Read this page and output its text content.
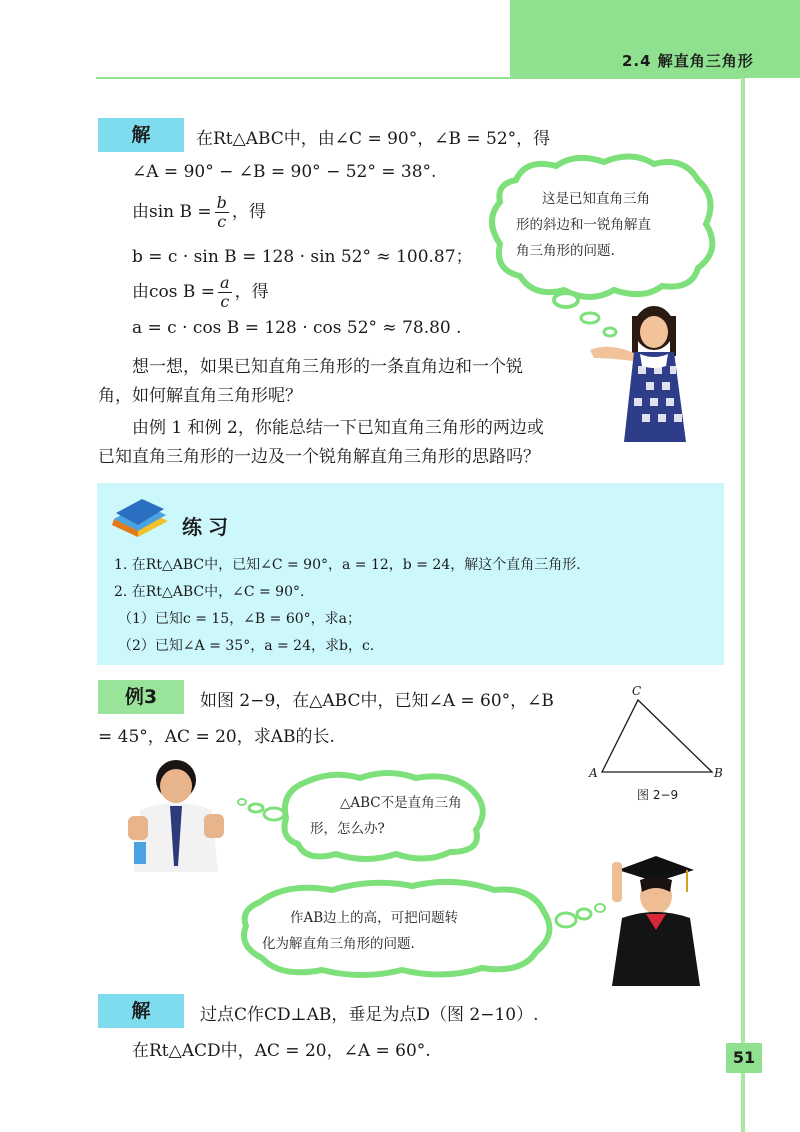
2.4 解直角三角形
解	在Rt△ABC中，由∠C = 90°，∠B = 52°，得
∠A = 90° − ∠B = 90° − 52° = 38°.
由$\sin B = \frac{b}{c}$ ，得
b = c · sin B = 128 · sin 52° ≈ 100.87；
由$\cos B = \frac{a}{c}$ ，得
a = c · cos B = 128 · cos 52° ≈ 78.80 .
这是已知直角三角
形的斜边和一锐角解直
角三角形的问题.
想一想，如果已知直角三角形的一条直角边和一个锐
角，如何解直角三角形呢？
由例 1 和例 2，你能总结一下已知直角三角形的两边或
已知直角三角形的一边及一个锐角解直角三角形的思路吗？
练习
1. 在Rt△ABC中，已知∠C = 90°，a = 12，b = 24，解这个直角三角形.
2. 在Rt△ABC中，∠C = 90°.
（1）已知c = 15，∠B = 60°，求a；
（2）已知∠A = 35°，a = 24，求b，c.
例3	如图 2−9，在△ABC中，已知∠A = 60°，∠B
= 45°，AC = 20，求AB的长.
C
A	B
图 2−9
△ABC不是直角三角
形，怎么办?
作AB边上的高，可把问题转
化为解直角三角形的问题.
解	过点C作CD⊥AB，垂足为点D（图 2−10）.
在Rt△ACD中，AC = 20，∠A = 60°.	51
